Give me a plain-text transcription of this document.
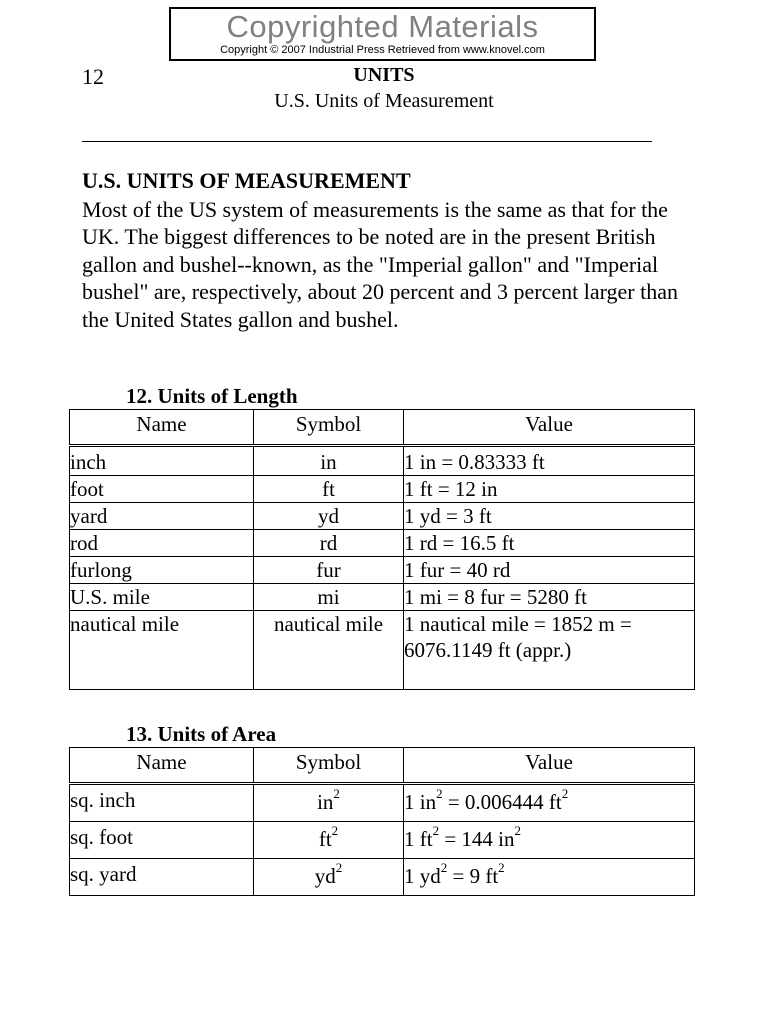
Copyrighted Materials
Copyright © 2007 Industrial Press Retrieved from www.knovel.com
12	UNITS
U.S. Units of Measurement
U.S. UNITS OF MEASUREMENT
Most of the US system of measurements is the same as that for the UK. The biggest differences to be noted are in the present British gallon and bushel--known, as the "Imperial gallon" and "Imperial bushel" are, respectively, about 20 percent and 3 percent larger than the United States gallon and bushel.
12. Units of Length
Name	Symbol	Value
inch	in	1 in = 0.83333 ft
foot	ft	1 ft = 12 in
yard	yd	1 yd = 3 ft
rod	rd	1 rd = 16.5 ft
furlong	fur	1 fur = 40 rd
U.S. mile	mi	1 mi = 8 fur = 5280 ft
nautical mile	nautical mile	1 nautical mile = 1852 m = 6076.1149 ft (appr.)
13. Units of Area
Name	Symbol	Value
sq. inch	$in^2$	1 $in^2 = 0.006444$ $ft^2$
sq. foot	$ft^2$	1 $ft^2 = 144$ $in^2$
sq. yard	$yd^2$	1 $yd^2 = 9$ $ft^2$
